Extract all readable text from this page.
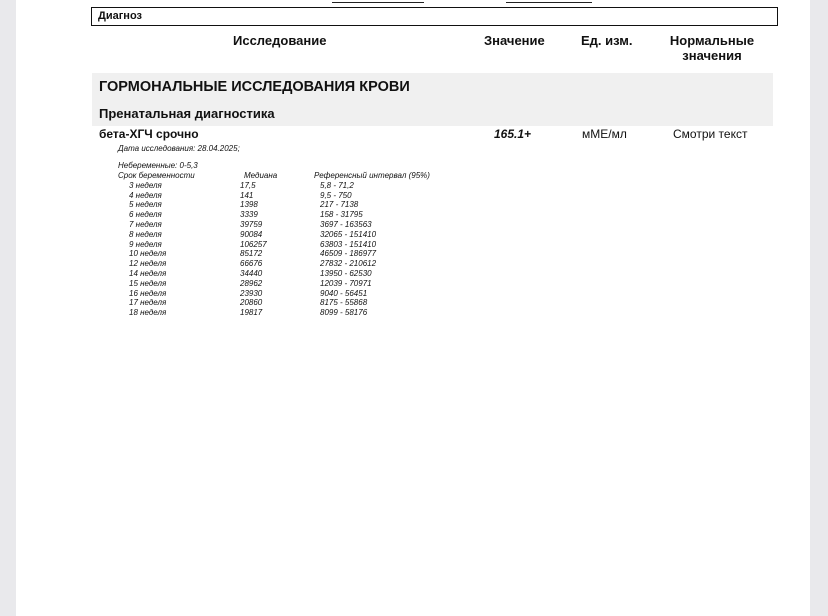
Диагноз
Исследование	Значение	Ед. изм.	Нормальные
значения
ГОРМОНАЛЬНЫЕ ИССЛЕДОВАНИЯ КРОВИ
Пренатальная диагностика
бета-ХГЧ срочно	165.1+	мМЕ/мл	Смотри текст
Дата исследования: 28.04.2025;
Небеременные: 0-5,3
Срок беременности	Медиана	Референсный интервал (95%)
3 неделя	17,5	5,8 - 71,2
4 неделя	141	9,5 - 750
5 неделя	1398	217 - 7138
6 неделя	3339	158 - 31795
7 неделя	39759	3697 - 163563
8 неделя	90084	32065 - 151410
9 неделя	106257	63803 - 151410
10 неделя	85172	46509 - 186977
12 неделя	66676	27832 - 210612
14 неделя	34440	13950 - 62530
15 неделя	28962	12039 - 70971
16 неделя	23930	9040 - 56451
17 неделя	20860	8175 - 55868
18 неделя	19817	8099 - 58176
